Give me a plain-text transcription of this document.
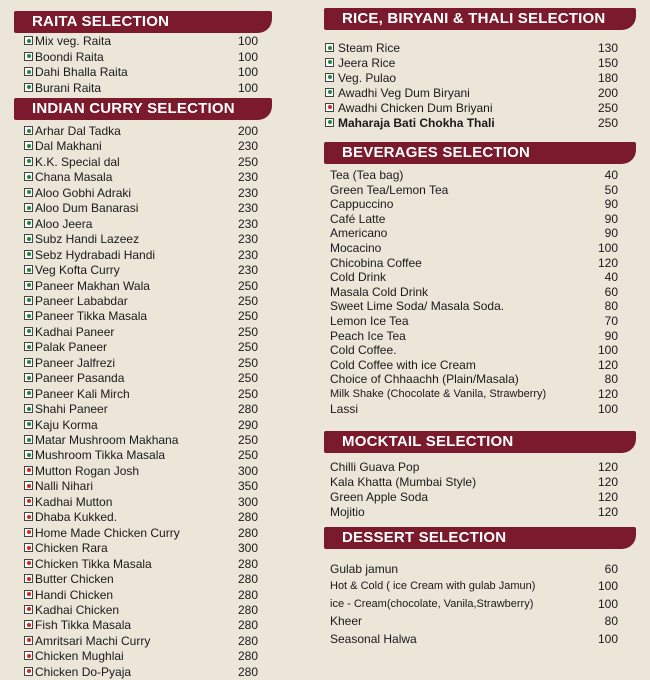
RAITA SELECTION
Mix veg. Raita	100
Boondi Raita	100
Dahi Bhalla Raita	100
Burani Raita	100
INDIAN CURRY SELECTION
Arhar Dal Tadka	200
Dal Makhani	230
K.K. Special dal	250
Chana Masala	230
Aloo Gobhi Adraki	230
Aloo Dum Banarasi	230
Aloo Jeera	230
Subz Handi Lazeez	230
Sebz Hydrabadi Handi	230
Veg Kofta Curry	230
Paneer Makhan Wala	250
Paneer Lababdar	250
Paneer Tikka Masala	250
Kadhai Paneer	250
Palak Paneer	250
Paneer Jalfrezi	250
Paneer Pasanda	250
Paneer Kali Mirch	250
Shahi Paneer	280
Kaju Korma	290
Matar Mushroom Makhana	250
Mushroom Tikka Masala	250
Mutton Rogan Josh	300
Nalli Nihari	350
Kadhai Mutton	300
Dhaba Kukked.	280
Home Made Chicken Curry	280
Chicken Rara	300
Chicken Tikka Masala	280
Butter Chicken	280
Handi Chicken	280
Kadhai Chicken	280
Fish Tikka Masala	280
Amritsari Machi Curry	280
Chicken Mughlai	280
Chicken Do-Pyaja	280
RICE, BIRYANI & THALI SELECTION
Steam Rice	130
Jeera Rice	150
Veg. Pulao	180
Awadhi Veg Dum Biryani	200
Awadhi Chicken Dum Briyani	250
Maharaja Bati Chokha Thali	250
BEVERAGES SELECTION
Tea (Tea bag)	40
Green Tea/Lemon Tea	50
Cappuccino	90
Café Latte	90
Americano	90
Mocacino	100
Chicobina Coffee	120
Cold Drink	40
Masala Cold Drink	60
Sweet Lime Soda/ Masala Soda.	80
Lemon Ice Tea	70
Peach Ice Tea	90
Cold Coffee.	100
Cold Coffee with ice Cream	120
Choice of Chhaachh (Plain/Masala)	80
Milk Shake (Chocolate & Vanila, Strawberry)	120
Lassi	100
MOCKTAIL SELECTION
Chilli Guava Pop	120
Kala Khatta (Mumbai Style)	120
Green Apple Soda	120
Mojitio	120
DESSERT SELECTION
Gulab jamun	60
Hot & Cold ( ice Cream with gulab Jamun)	100
ice - Cream(chocolate, Vanila,Strawberry)	100
Kheer	80
Seasonal Halwa	100
